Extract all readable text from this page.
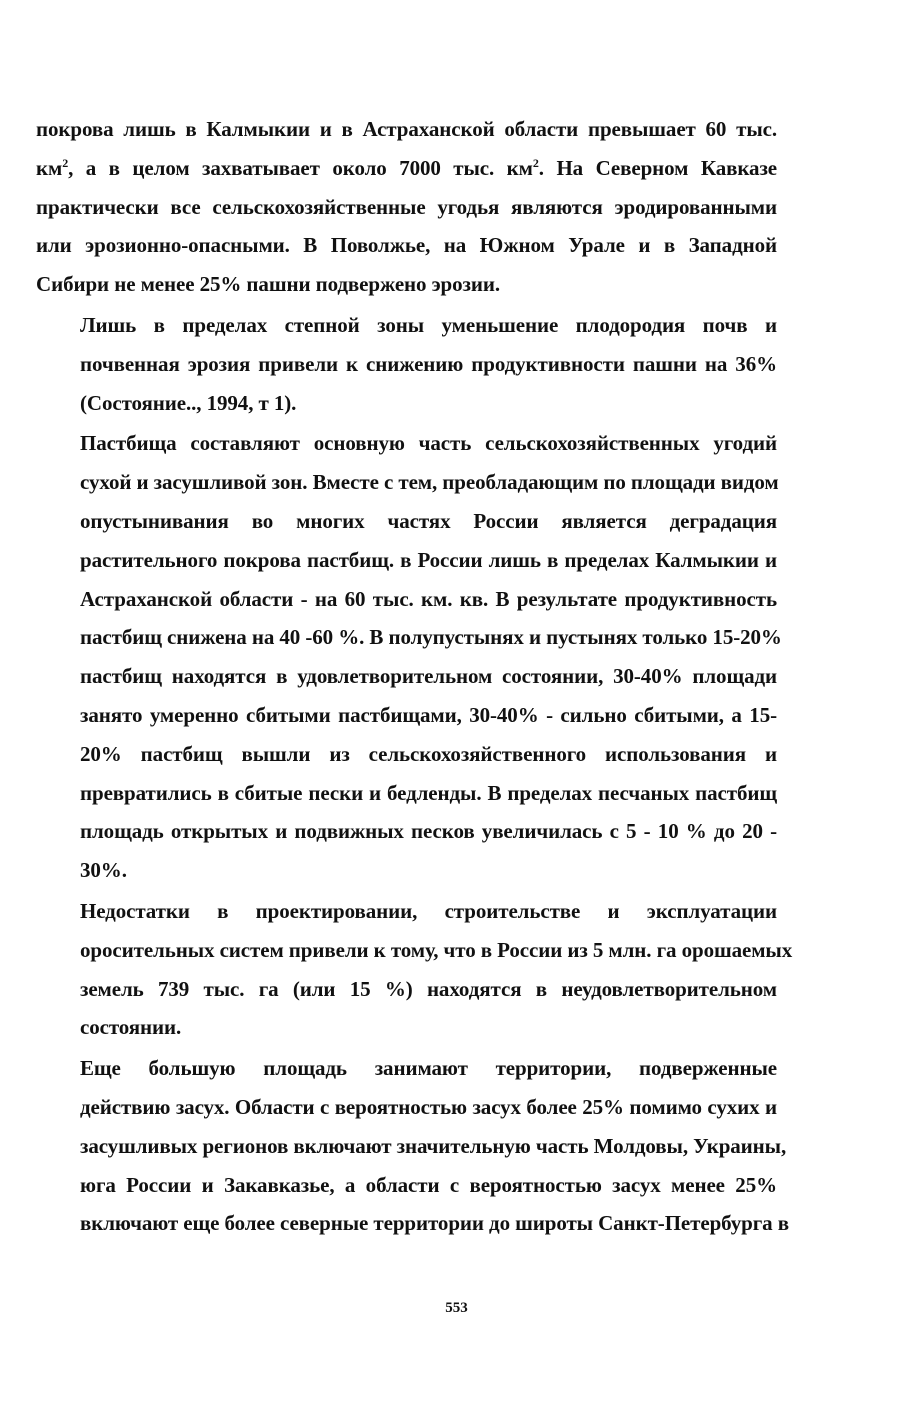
покрова лишь в Калмыкии и в Астраханской области превышает 60 тыс.
$км^2$, а в целом захватывает около 7000 тыс. $км^2$. На Северном Кавказе
практически все сельскохозяйственные угодья являются эродированными
или эрозионно-опасными. В Поволжье, на Южном Урале и в Западной
Сибири не менее 25% пашни подвержено эрозии.

Лишь в пределах степной зоны уменьшение плодородия почв и
почвенная эрозия привели к снижению продуктивности пашни на 36%
(Состояние.., 1994, т 1).

Пастбища составляют основную часть сельскохозяйственных угодий
сухой и засушливой зон. Вместе с тем, преобладающим по площади видом
опустынивания во многих частях России является деградация
растительного покрова пастбищ. в России лишь в пределах Калмыкии и
Астраханской области - на 60 тыс. км. кв. В результате продуктивность
пастбищ снижена на 40 -60 %. В полупустынях и пустынях только 15-20%
пастбищ находятся в удовлетворительном состоянии, 30-40% площади
занято умеренно сбитыми пастбищами, 30-40% - сильно сбитыми, а 15-
20% пастбищ вышли из сельскохозяйственного использования и
превратились в сбитые пески и бедленды. В пределах песчаных пастбищ
площадь открытых и подвижных песков увеличилась с 5 - 10 % до 20 -
30%.

Недостатки в проектировании, строительстве и эксплуатации
оросительных систем привели к тому, что в России из 5 млн. га орошаемых
земель 739 тыс. га (или 15 %) находятся в неудовлетворительном
состоянии.

Еще большую площадь занимают территории, подверженные
действию засух. Области с вероятностью засух более 25% помимо сухих и
засушливых регионов включают значительную часть Молдовы, Украины,
юга России и Закавказье, а области с вероятностью засух менее 25%
включают еще более северные территории до широты Санкт-Петербурга в

553
